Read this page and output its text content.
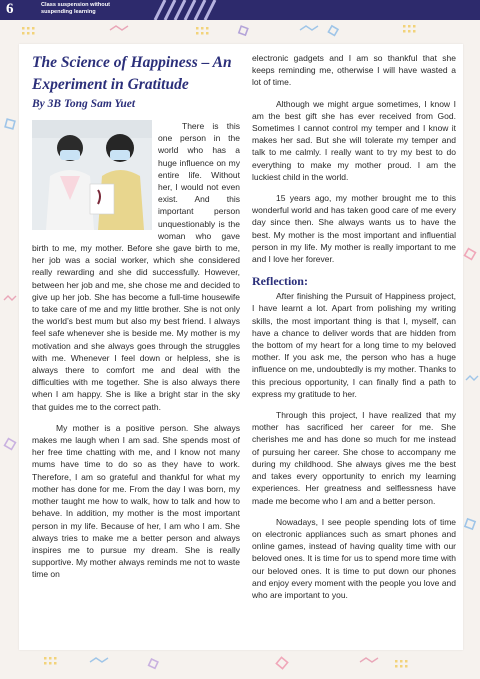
6	Class suspension without
suspending learning
The Science of Happiness – An Experiment in Gratitude
By 3B Tong Sam Yuet

There is this one person in the world who has a huge influence on my entire life. Without her, I would not even exist. And this important person unquestionably is the woman who gave birth to me, my mother. Before she gave birth to me, her job was a social worker, which she considered really rewarding and she did successfully. However, between her job and me, she chose me and decided to give up her job. She has become a full-time housewife to take care of me and my little brother. She is not only the world’s best mum but also my best friend. I always feel safe whenever she is beside me. My mother is my motivation and she always goes through the struggles with me. Whenever I feel down or helpless, she is always there to comfort me and deal with the difficulties with me together. She is also always there when I am happy. She is like a bright star in the sky that guides me to the correct path.

My mother is a positive person. She always makes me laugh when I am sad. She spends most of her free time chatting with me, and I know not many mums have time to do so as they have to work. Therefore, I am so grateful and thankful for what my mother has done for me. From the day I was born, my mother taught me how to walk, how to talk and how to behave. In addition, my mother is the most important person in my life. Because of her, I am who I am. She always tries to make me a better person and always inspires me to pursue my dream. She is really supportive. My mother always reminds me not to waste time on

electronic gadgets and I am so thankful that she keeps reminding me, otherwise I will have wasted a lot of time.

Although we might argue sometimes, I know I am the best gift she has ever received from God. Sometimes I cannot control my temper and I know it makes her sad. But she will tolerate my temper and talk to me calmly. I really want to try my best to do everything to make my mother proud. I am the luckiest child in the world.

15 years ago, my mother brought me to this wonderful world and has taken good care of me every day since then. She always wants us to have the best. My mother is the most important and influential person in my life. My mother is really important to me and I love her forever.

Reflection:

After finishing the Pursuit of Happiness project, I have learnt a lot. Apart from polishing my writing skills, the most important thing is that I, myself, can have a chance to deliver words that are hidden from the bottom of my heart for a long time to my beloved mother. If you ask me, the person who has a huge influence on me, undoubtedly is my mother. Thanks to this precious opportunity, I can finally find a path to express my gratitude to her.

Through this project, I have realized that my mother has sacrificed her career for me. She cherishes me and has done so much for me instead of pursuing her career. She chose to accompany me during my childhood. She always gives me the best and takes every opportunity to enrich my learning experiences. Her greatness and selflessness have made me become who I am and a better person.

Nowadays, I see people spending lots of time on electronic appliances such as smart phones and online games, instead of having quality time with our beloved ones. It is time for us to spend more time with our beloved ones. It is time to put down our phones and enjoy every moment with the people you love and who are important to you.
